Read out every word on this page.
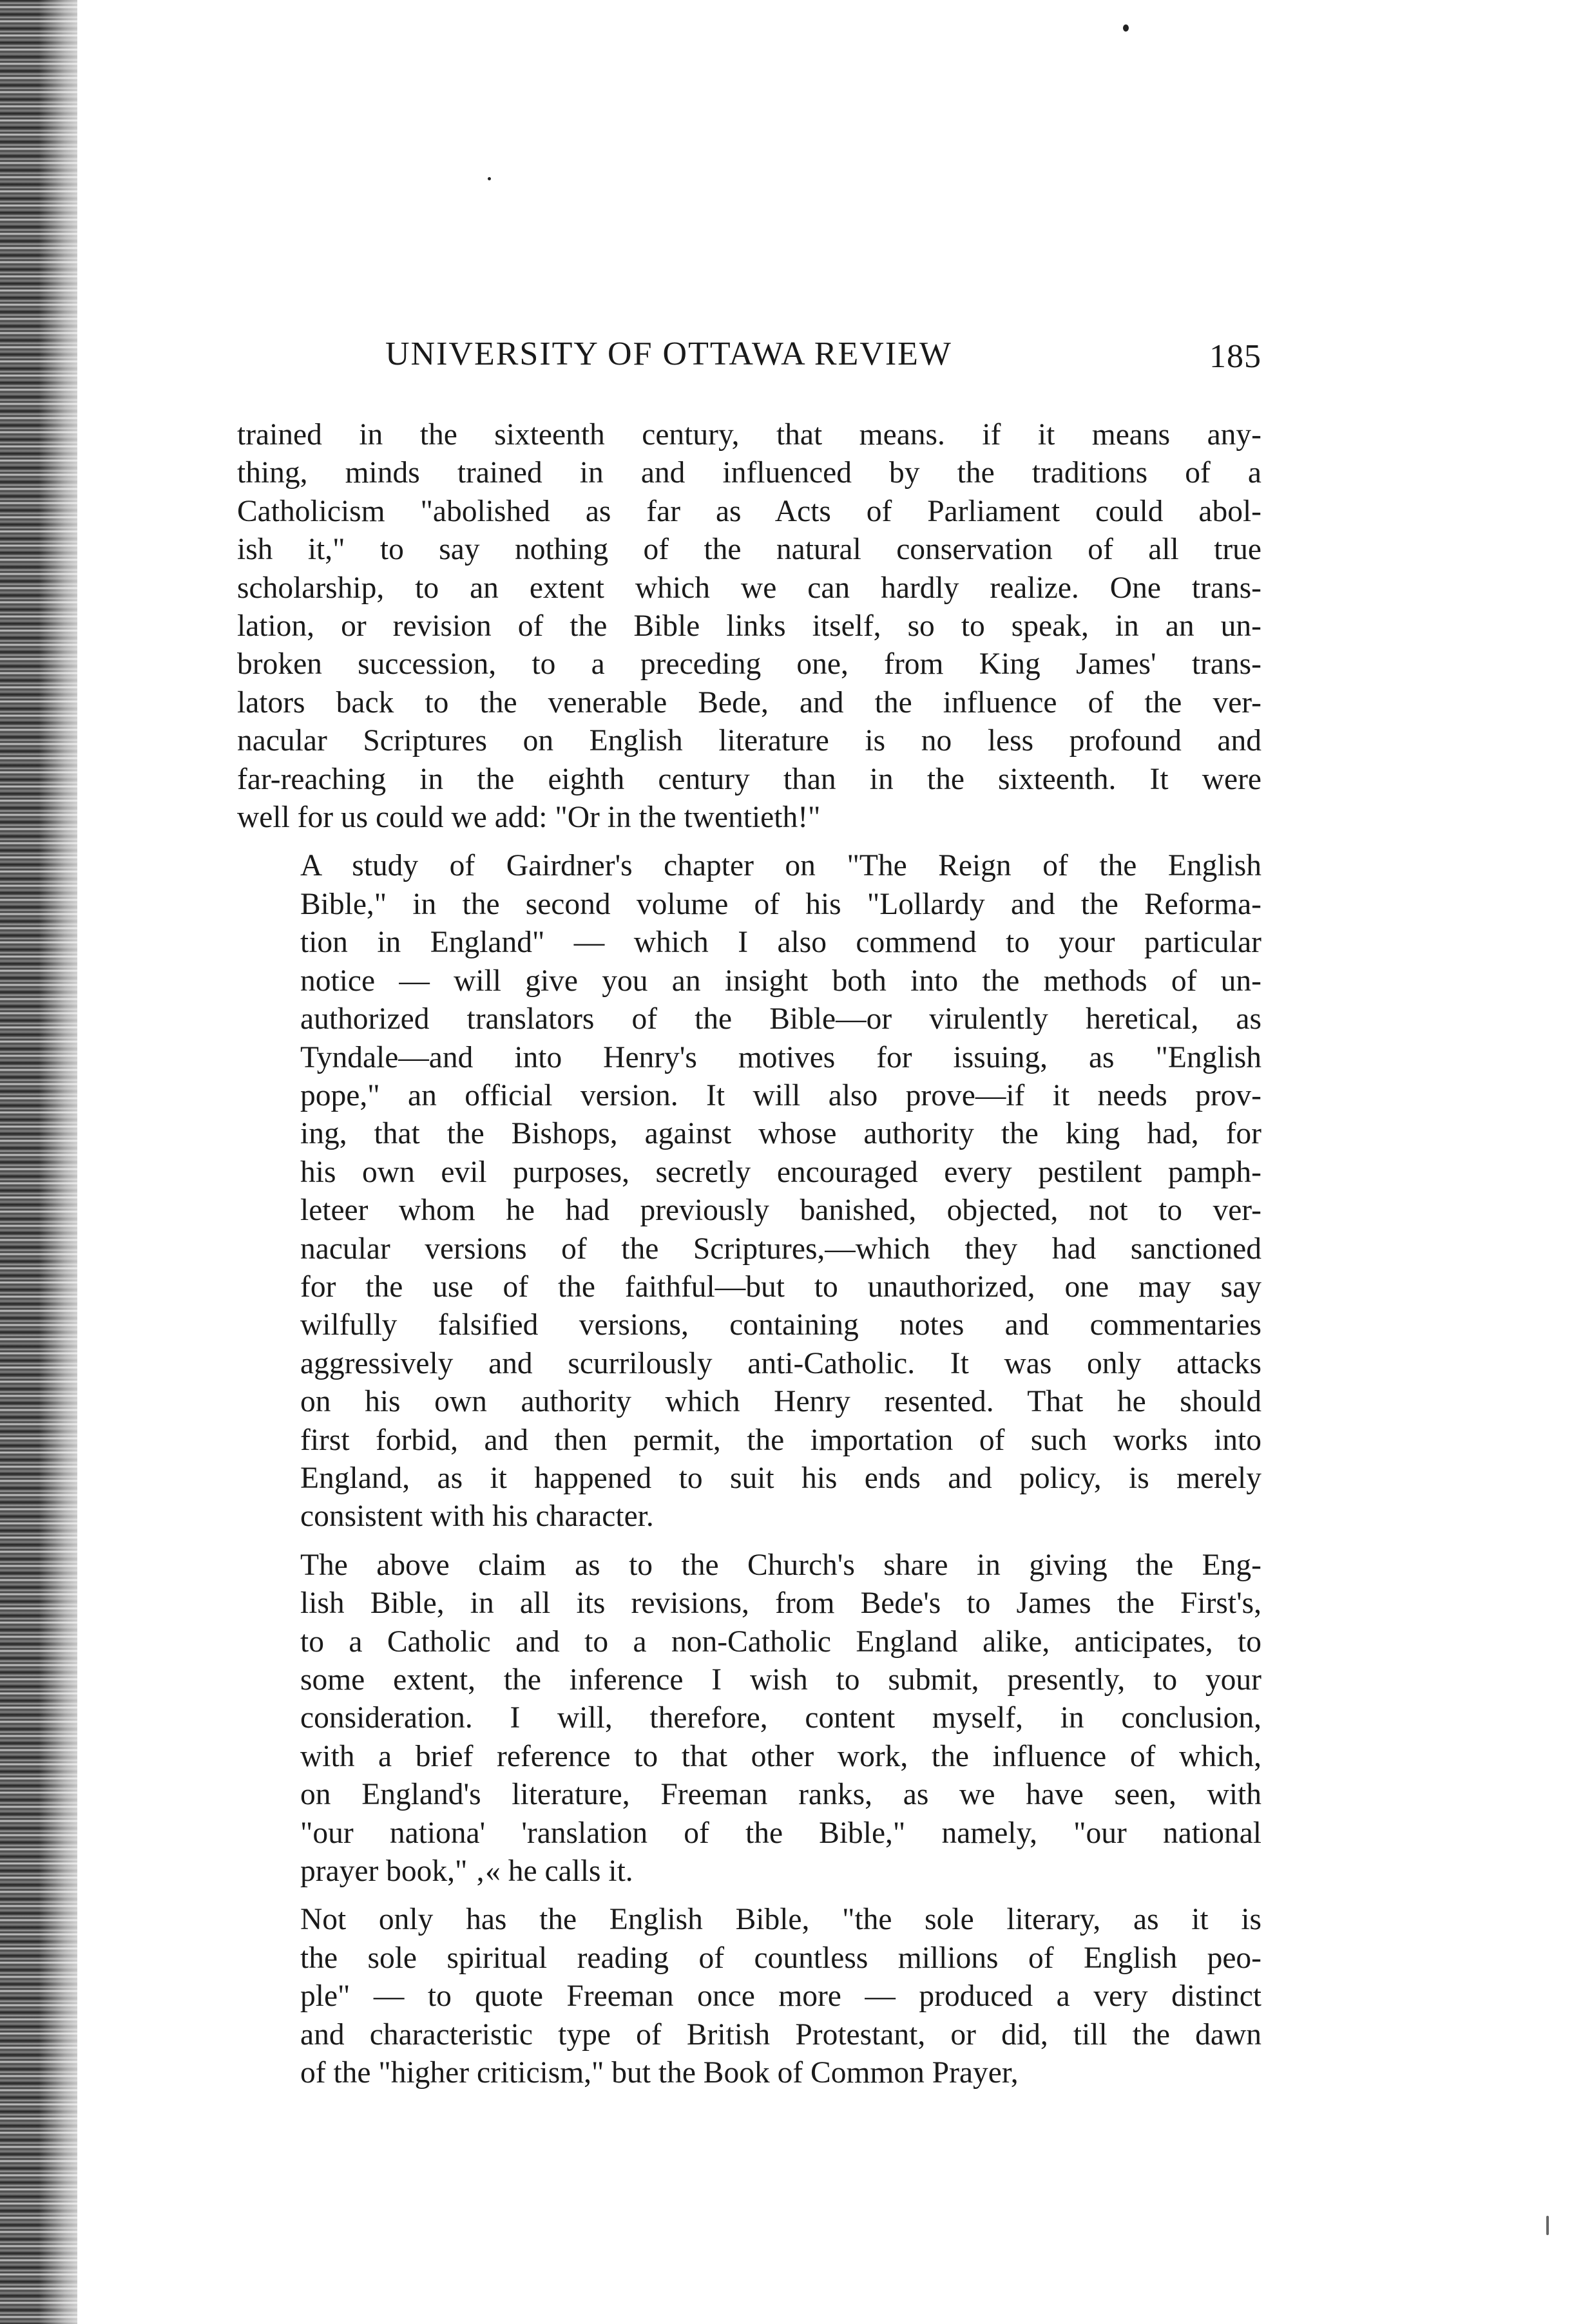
UNIVERSITY OF OTTAWA REVIEW	185

trained in the sixteenth century, that means. if it means any-
thing, minds trained in and influenced by the traditions of a
Catholicism "abolished as far as Acts of Parliament could abol-
ish it," to say nothing of the natural conservation of all true
scholarship, to an extent which we can hardly realize. One trans-
lation, or revision of the Bible links itself, so to speak, in an un-
broken succession, to a preceding one, from King James' trans-
lators back to the venerable Bede, and the influence of the ver-
nacular Scriptures on English literature is no less profound and
far-reaching in the eighth century than in the sixteenth. It were
well for us could we add: "Or in the twentieth!"

A study of Gairdner's chapter on "The Reign of the English
Bible," in the second volume of his "Lollardy and the Reforma-
tion in England" — which I also commend to your particular
notice — will give you an insight both into the methods of un-
authorized translators of the Bible—or virulently heretical, as
Tyndale—and into Henry's motives for issuing, as "English
pope," an official version. It will also prove—if it needs prov-
ing, that the Bishops, against whose authority the king had, for
his own evil purposes, secretly encouraged every pestilent pamph-
leteer whom he had previously banished, objected, not to ver-
nacular versions of the Scriptures,—which they had sanctioned
for the use of the faithful—but to unauthorized, one may say
wilfully falsified versions, containing notes and commentaries
aggressively and scurrilously anti-Catholic. It was only attacks
on his own authority which Henry resented. That he should
first forbid, and then permit, the importation of such works into
England, as it happened to suit his ends and policy, is merely
consistent with his character.

The above claim as to the Church's share in giving the Eng-
lish Bible, in all its revisions, from Bede's to James the First's,
to a Catholic and to a non-Catholic England alike, anticipates, to
some extent, the inference I wish to submit, presently, to your
consideration. I will, therefore, content myself, in conclusion,
with a brief reference to that other work, the influence of which,
on England's literature, Freeman ranks, as we have seen, with
"our nationa' 'ranslation of the Bible," namely, "our national
prayer book," ‚« he calls it.

Not only has the English Bible, "the sole literary, as it is
the sole spiritual reading of countless millions of English peo-
ple" — to quote Freeman once more — produced a very distinct
and characteristic type of British Protestant, or did, till the dawn
of the "higher criticism," but the Book of Common Prayer,
